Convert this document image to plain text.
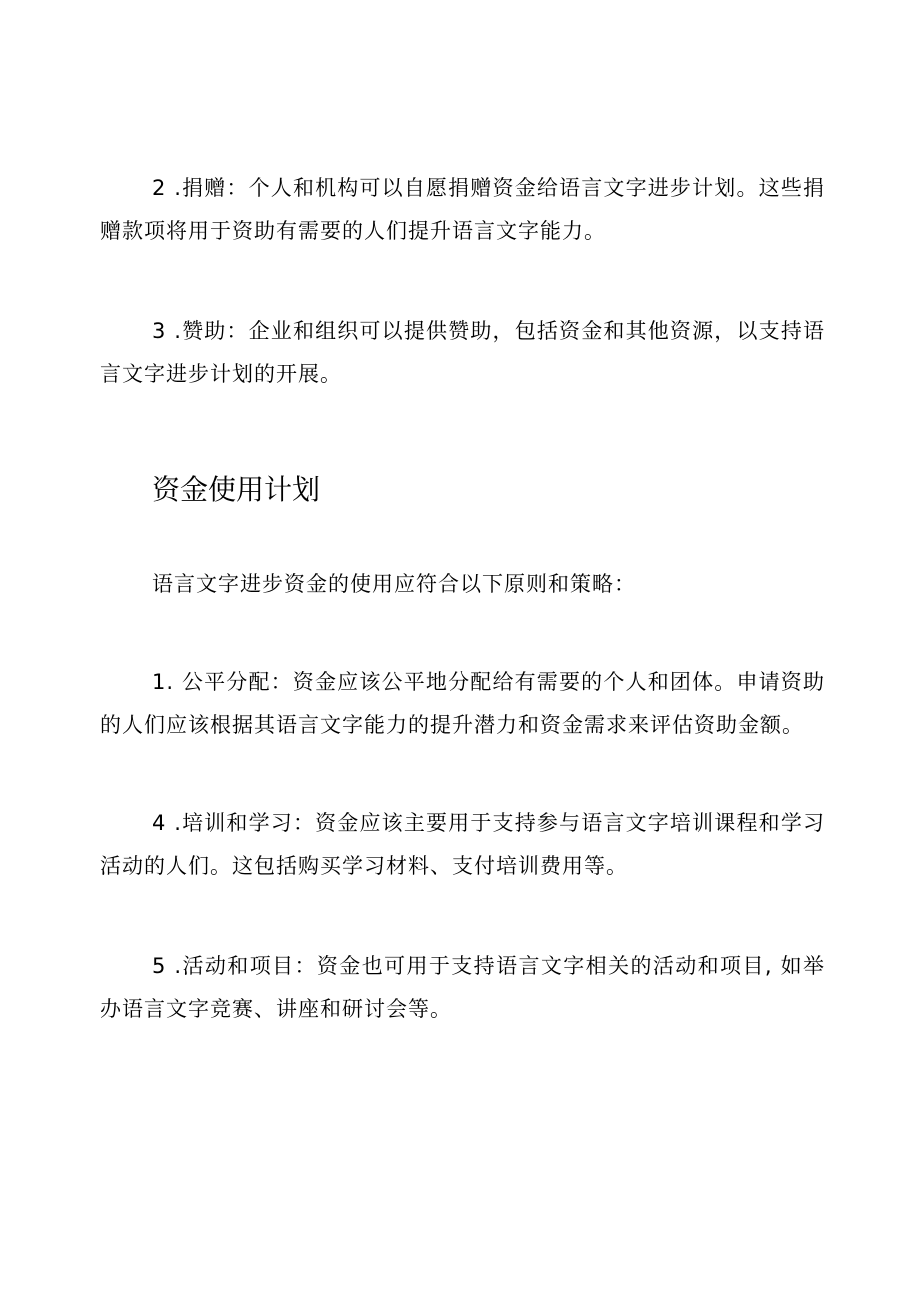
2 .捐赠：个人和机构可以自愿捐赠资金给语言文字进步计划。这些捐赠款项将用于资助有需要的人们提升语言文字能力。

3 .赞助：企业和组织可以提供赞助，包括资金和其他资源，以支持语言文字进步计划的开展。

资金使用计划

语言文字进步资金的使用应符合以下原则和策略：

1. 公平分配：资金应该公平地分配给有需要的个人和团体。申请资助的人们应该根据其语言文字能力的提升潜力和资金需求来评估资助金额。

4 .培训和学习：资金应该主要用于支持参与语言文字培训课程和学习活动的人们。这包括购买学习材料、支付培训费用等。

5 .活动和项目：资金也可用于支持语言文字相关的活动和项目, 如举办语言文字竞赛、讲座和研讨会等。
